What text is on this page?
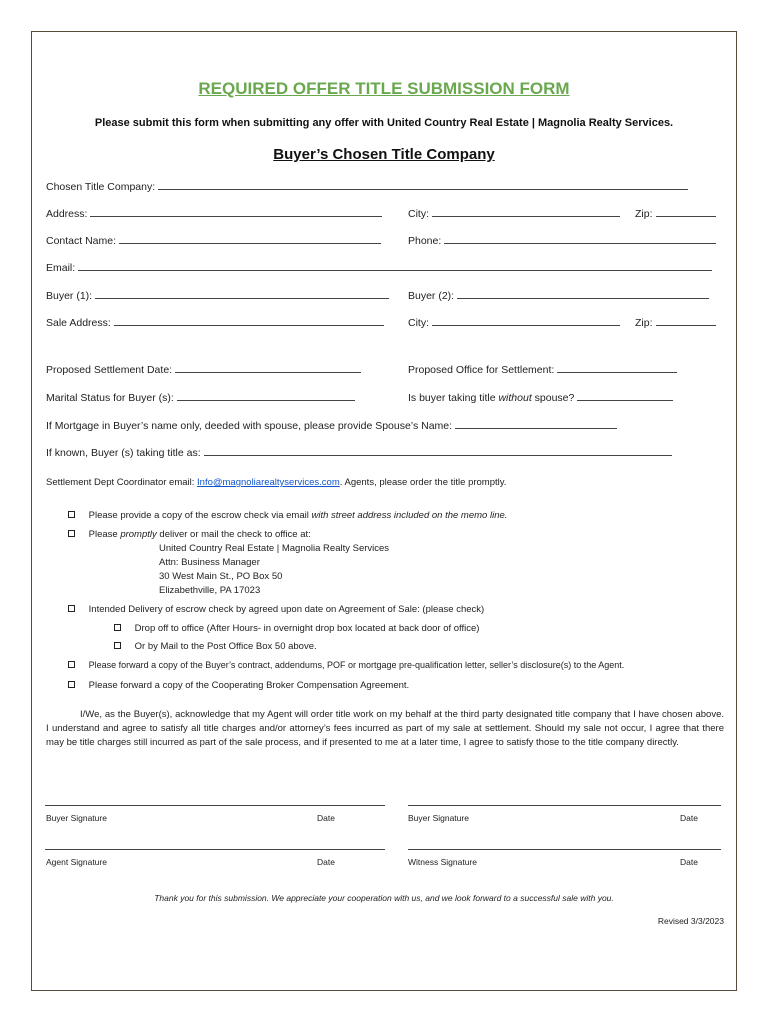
REQUIRED OFFER TITLE SUBMISSION FORM
Please submit this form when submitting any offer with United Country Real Estate | Magnolia Realty Services.
Buyer’s Chosen Title Company
Chosen Title Company:
Address:	City:	Zip:
Contact Name:	Phone:
Email:
Buyer (1):	Buyer (2):
Sale Address:	City:	Zip:
Proposed Settlement Date:	Proposed Office for Settlement:
Marital Status for Buyer (s):	Is buyer taking title without spouse?
If Mortgage in Buyer’s name only, deeded with spouse, please provide Spouse’s Name:
If known, Buyer (s) taking title as:
Settlement Dept Coordinator email: Info@magnoliarealtyservices.com. Agents, please order the title promptly.
Please provide a copy of the escrow check via email with street address included on the memo line.
Please promptly deliver or mail the check to office at:
United Country Real Estate | Magnolia Realty Services
Attn: Business Manager
30 West Main St., PO Box 50
Elizabethville, PA 17023
Intended Delivery of escrow check by agreed upon date on Agreement of Sale: (please check)
Drop off to office (After Hours- in overnight drop box located at back door of office)
Or by Mail to the Post Office Box 50 above.
Please forward a copy of the Buyer’s contract, addendums, POF or mortgage pre-qualification letter, seller’s disclosure(s) to the Agent.
Please forward a copy of the Cooperating Broker Compensation Agreement.
I/We, as the Buyer(s), acknowledge that my Agent will order title work on my behalf at the third party designated title company that I have chosen above. I understand and agree to satisfy all title charges and/or attorney’s fees incurred as part of my sale at settlement. Should my sale not occur, I agree that there may be title charges still incurred as part of the sale process, and if presented to me at a later time, I agree to satisfy those to the title company directly.
Buyer Signature	Date	Buyer Signature	Date
Agent Signature	Date	Witness Signature	Date
Thank you for this submission. We appreciate your cooperation with us, and we look forward to a successful sale with you.
Revised 3/3/2023
